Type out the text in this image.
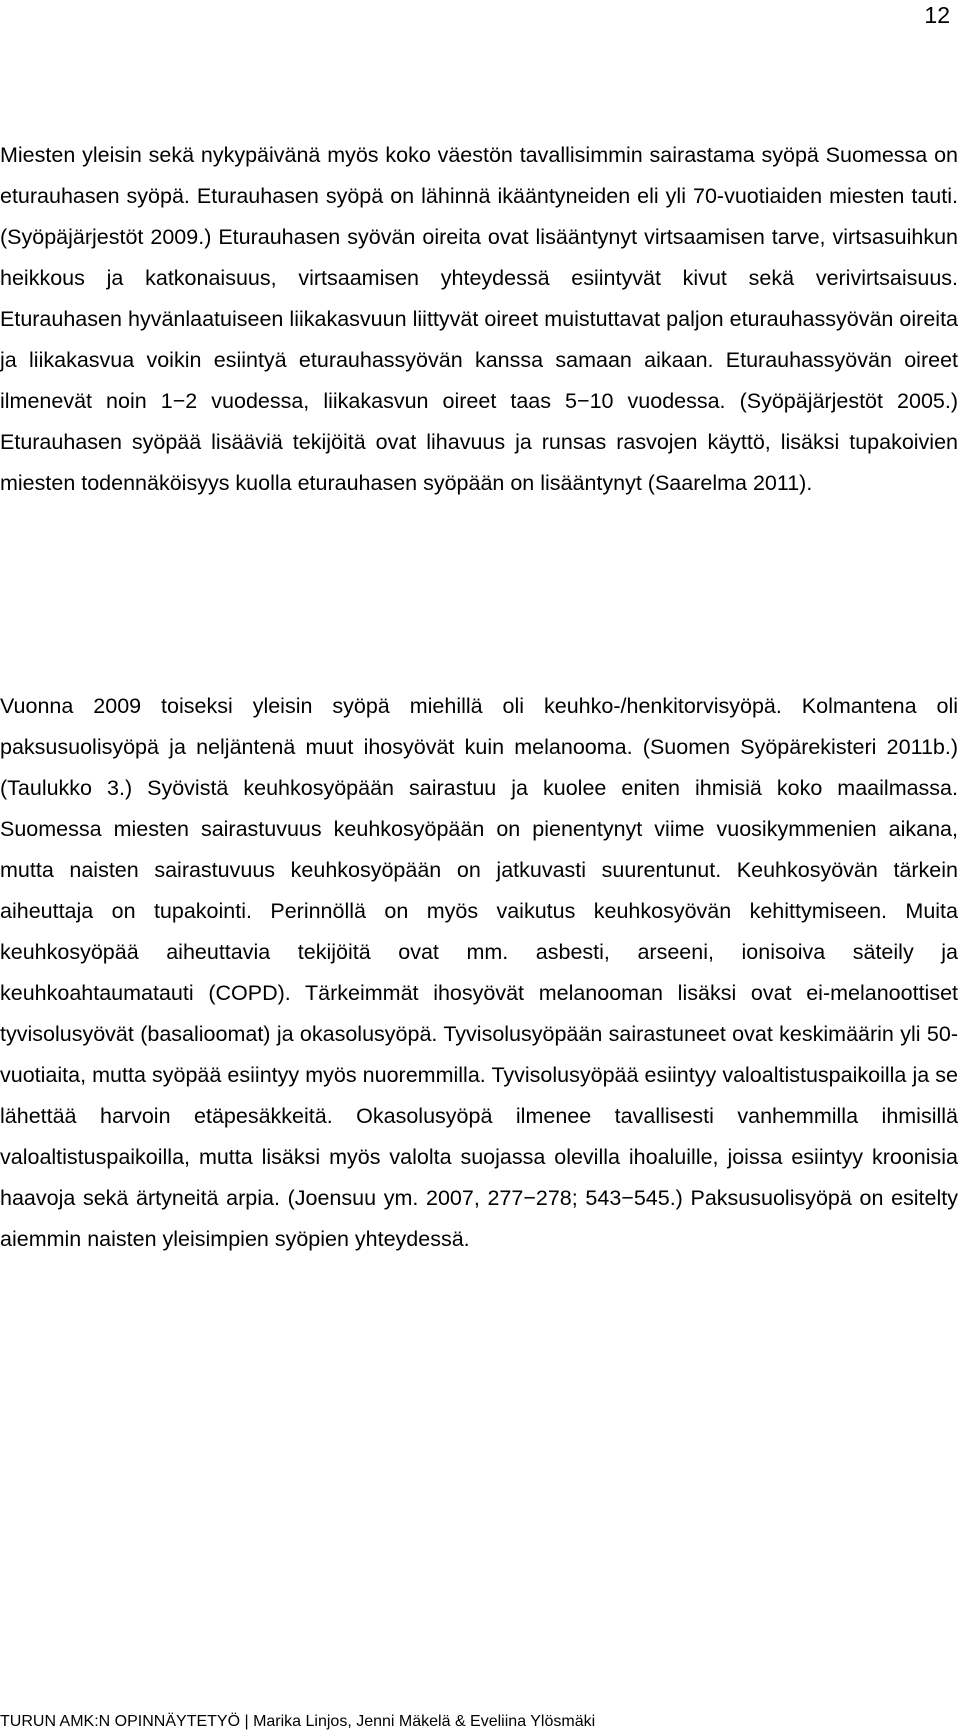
12

Miesten yleisin sekä nykypäivänä myös koko väestön tavallisimmin sairastama syöpä Suomessa on eturauhasen syöpä. Eturauhasen syöpä on lähinnä ikääntyneiden eli yli 70-vuotiaiden miesten tauti. (Syöpäjärjestöt 2009.) Eturauhasen syövän oireita ovat lisääntynyt virtsaamisen tarve, virtsasuihkun heikkous ja katkonaisuus, virtsaamisen yhteydessä esiintyvät kivut sekä verivirtsaisuus. Eturauhasen hyvänlaatuiseen liikakasvuun liittyvät oireet muistuttavat paljon eturauhassyövän oireita ja liikakasvua voikin esiintyä eturauhassyövän kanssa samaan aikaan. Eturauhassyövän oireet ilmenevät noin 1−2 vuodessa, liikakasvun oireet taas 5−10 vuodessa. (Syöpäjärjestöt 2005.) Eturauhasen syöpää lisääviä tekijöitä ovat lihavuus ja runsas rasvojen käyttö, lisäksi tupakoivien miesten todennäköisyys kuolla eturauhasen syöpään on lisääntynyt (Saarelma 2011).

Vuonna 2009 toiseksi yleisin syöpä miehillä oli keuhko-/henkitorvisyöpä. Kolmantena oli paksusuolisyöpä ja neljäntenä muut ihosyövät kuin melanooma. (Suomen Syöpärekisteri 2011b.) (Taulukko 3.) Syövistä keuhkosyöpään sairastuu ja kuolee eniten ihmisiä koko maailmassa. Suomessa miesten sairastuvuus keuhkosyöpään on pienentynyt viime vuosikymmenien aikana, mutta naisten sairastuvuus keuhkosyöpään on jatkuvasti suurentunut. Keuhkosyövän tärkein aiheuttaja on tupakointi. Perinnöllä on myös vaikutus keuhkosyövän kehittymiseen. Muita keuhkosyöpää aiheuttavia tekijöitä ovat mm. asbesti, arseeni, ionisoiva säteily ja keuhkoahtaumatauti (COPD). Tärkeimmät ihosyövät melanooman lisäksi ovat ei-melanoottiset tyvisolusyövät (basalioomat) ja okasolusyöpä. Tyvisolusyöpään sairastuneet ovat keskimäärin yli 50-vuotiaita, mutta syöpää esiintyy myös nuoremmilla. Tyvisolusyöpää esiintyy valoaltistuspaikoilla ja se lähettää harvoin etäpesäkkeitä. Okasolusyöpä ilmenee tavallisesti vanhemmilla ihmisillä valoaltistuspaikoilla, mutta lisäksi myös valolta suojassa olevilla ihoaluille, joissa esiintyy kroonisia haavoja sekä ärtyneitä arpia. (Joensuu ym. 2007, 277−278; 543−545.) Paksusuolisyöpä on esitelty aiemmin naisten yleisimpien syöpien yhteydessä.

TURUN AMK:N OPINNÄYTETYÖ | Marika Linjos, Jenni Mäkelä & Eveliina Ylösmäki
